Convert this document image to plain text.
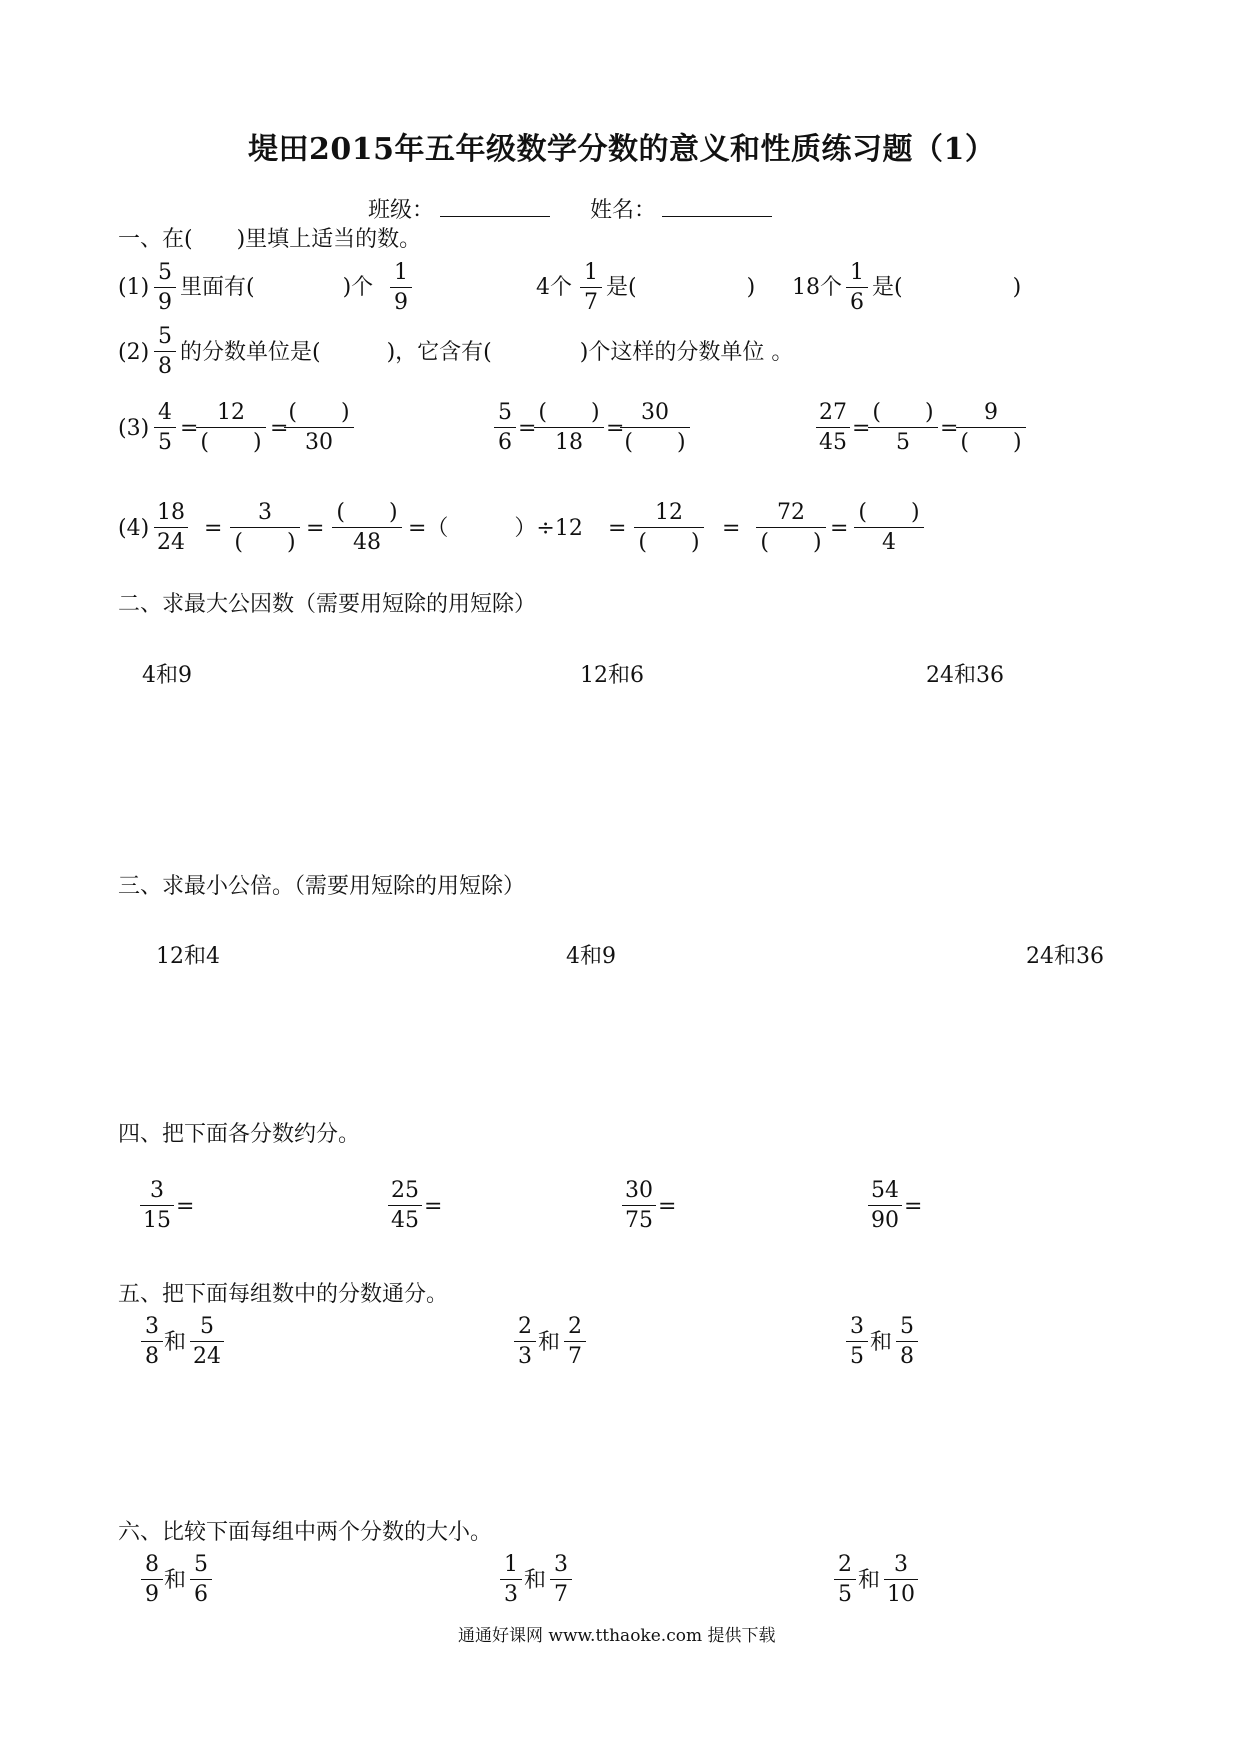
堤田2015年五年级数学分数的意义和性质练习题（1）
班级：	姓名：
一、在(　　)里填上适当的数。
(1)
5
9
里面有(　　　　)个
1
9
4个
1
7
是(　　　　　) 18个
1
6
是(　　　　　)
(2)
5
8
的分数单位是(　　　)，它含有(　　　　)个这样的分数单位 。
(3)
4
5
=
12
(　　)
=
(　　)
30
5
6
=
(　　)
18
=
30
(　　)
27
45
=
(　　)
5
=
9
(　　)
(4)
18
24
=
3
(　　)
=
(　　)
48
=（　　　）÷12 =
12
(　　)
=
72
(　　)
=
(　　)
4
二、求最大公因数（需要用短除的用短除）
4和9	12和6	24和36
三、求最小公倍。（需要用短除的用短除）
12和4	4和9	24和36
四、把下面各分数约分。
3
15
=
25
45
=
30
75
=
54
90
=
五、把下面每组数中的分数通分。
3
8
和
5
24
2
3
和
2
7
3
5
和
5
8
六、比较下面每组中两个分数的大小。
8
9
和
5
6
1
3
和
3
7
2
5
和
3
10
通通好课网 www.tthaoke.com 提供下载
